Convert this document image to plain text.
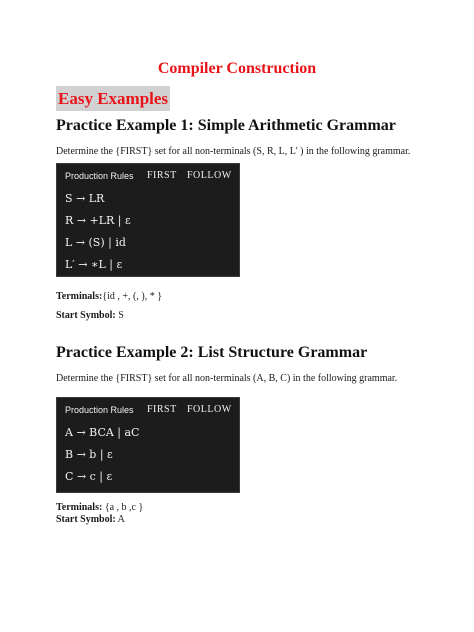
Compiler Construction
Easy Examples
Practice Example 1: Simple Arithmetic Grammar
Determine the {FIRST} set for all non-terminals (S, R, L, L' ) in the following grammar.
Production Rules FIRST FOLLOW
S → LR
R → +LR | ε
L → (S) | id
L′ → ∗L | ε
Terminals:{id , +, (, ), * }
Start Symbol: S
Practice Example 2: List Structure Grammar
Determine the {FIRST} set for all non-terminals (A, B, C) in the following grammar.
Production Rules FIRST FOLLOW
A → BCA | aC
B → b | ε
C → c | ε
Terminals: {a , b ,c }
Start Symbol: A
